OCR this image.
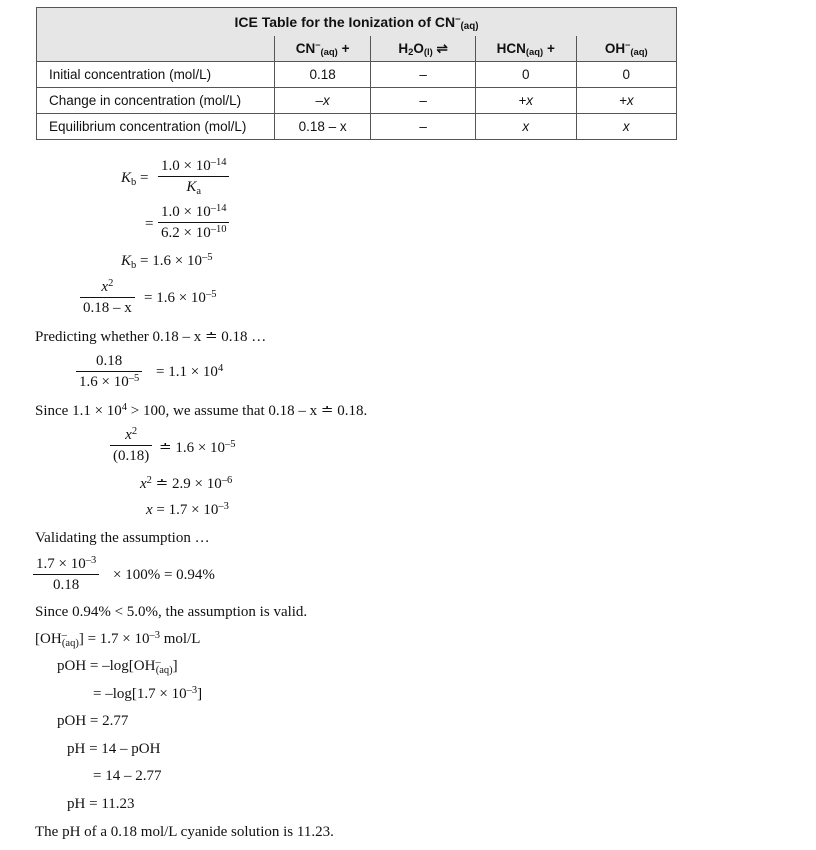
ICE Table for the Ionization of $CN^-_{(aq)}$
	$CN^-_{(aq)}$ +	$H_2O_{(l)}$ ⇌	$HCN_{(aq)}$ +	$OH^-_{(aq)}$
Initial concentration (mol/L)	0.18	–	0	0
Change in concentration (mol/L)	–x	–	+x	+x
Equilibrium concentration (mol/L)	0.18 – x	–	x	x
$K_b = \frac{1.0 \times 10^{-14}}{K_a}$
= $\frac{1.0 \times 10^{-14}}{6.2 \times 10^{-10}}$
$K_b = 1.6 \times 10^{-5}$
$\frac{x^2}{0.18 - x} = 1.6 \times 10^{-5}$
Predicting whether 0.18 – x ≐ 0.18 …
$\frac{0.18}{1.6 \times 10^{-5}} = 1.1 \times 10^4$
Since $1.1 \times 10^4 > 100$, we assume that 0.18 – x ≐ 0.18.
$\frac{x^2}{(0.18)}$ ≐ $1.6 \times 10^{-5}$
$x^2$ ≐ $2.9 \times 10^{-6}$
$x = 1.7 \times 10^{-3}$
Validating the assumption …
$\frac{1.7 \times 10^{-3}}{0.18} \times 100\% = 0.94\%$
Since 0.94% < 5.0%, the assumption is valid.
$[OH^-_{(aq)}] = 1.7 \times 10^{-3}$ mol/L
pOH = $-\log[OH^-_{(aq)}]$
= $-\log[1.7 \times 10^{-3}]$
pOH = 2.77
pH = 14 – pOH
= 14 – 2.77
pH = 11.23
The pH of a 0.18 mol/L cyanide solution is 11.23.
